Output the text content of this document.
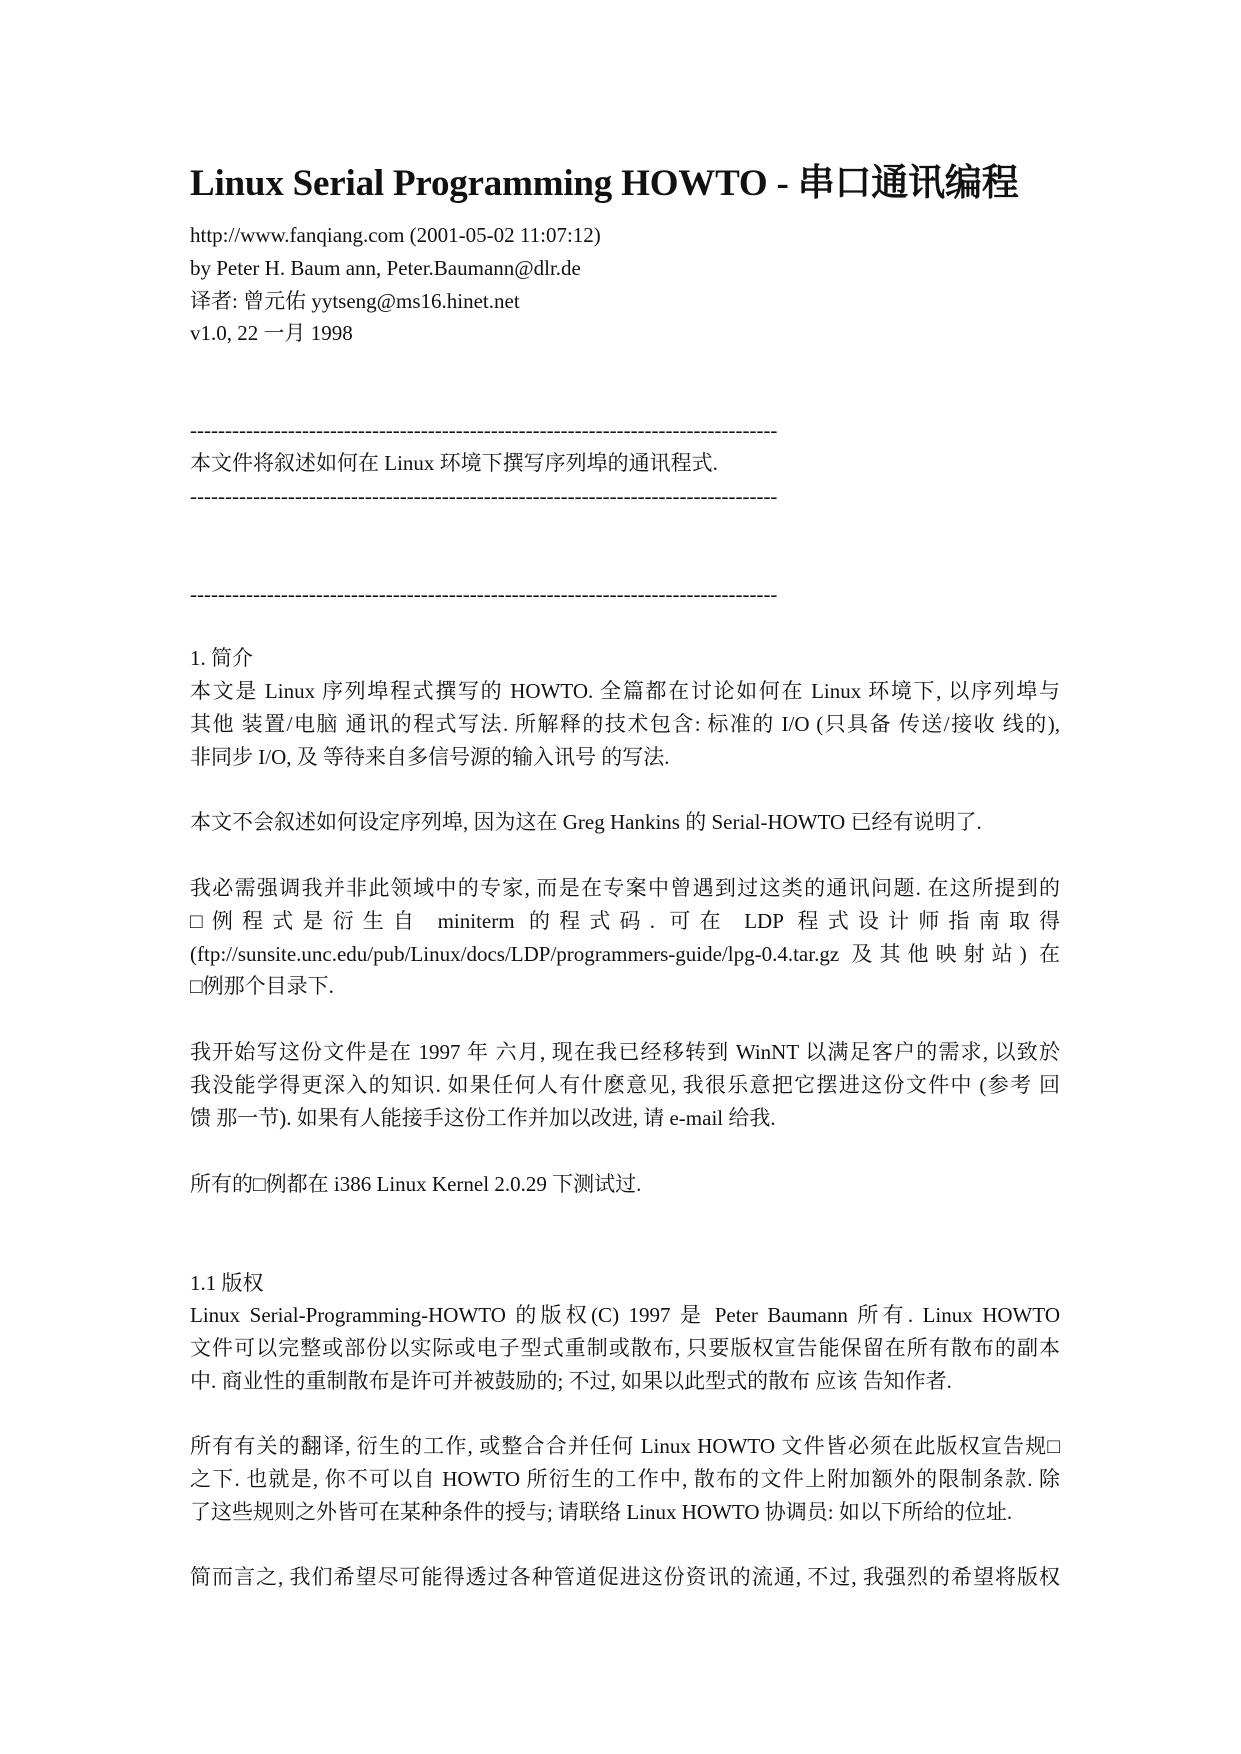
Linux Serial Programming HOWTO - 串口通讯编程
http://www.fanqiang.com (2001-05-02 11:07:12)
by Peter H. Baum ann, Peter.Baumann@dlr.de
译者: 曾元佑 yytseng@ms16.hinet.net
v1.0, 22 一月 1998
------------------------------------------------------------------------------------
本文件将叙述如何在 Linux 环境下撰写序列埠的通讯程式.
------------------------------------------------------------------------------------
------------------------------------------------------------------------------------
1. 简介
本文是 Linux 序列埠程式撰写的 HOWTO. 全篇都在讨论如何在 Linux 环境下, 以序列埠与
其他 装置/电脑 通讯的程式写法. 所解释的技术包含: 标准的 I/O (只具备 传送/接收 线的),
非同步 I/O, 及 等待来自多信号源的输入讯号 的写法.
本文不会叙述如何设定序列埠, 因为这在 Greg Hankins 的 Serial-HOWTO 已经有说明了.
我必需强调我并非此领域中的专家, 而是在专案中曾遇到过这类的通讯问题. 在这所提到的
□例程式是衍生自 miniterm 的程式码. 可在 LDP 程式设计师指南取得
(ftp://sunsite.unc.edu/pub/Linux/docs/LDP/programmers-guide/lpg-0.4.tar.gz 及其他映射站) 在
□例那个目录下.
我开始写这份文件是在 1997 年 六月, 现在我已经移转到 WinNT 以满足客户的需求, 以致於
我没能学得更深入的知识. 如果任何人有什麽意见, 我很乐意把它摆进这份文件中 (参考 回
馈 那一节). 如果有人能接手这份工作并加以改进, 请 e-mail 给我.
所有的□例都在 i386 Linux Kernel 2.0.29 下测试过.
1.1 版权
Linux Serial-Programming-HOWTO 的版权(C) 1997 是 Peter Baumann 所有. Linux HOWTO
文件可以完整或部份以实际或电子型式重制或散布, 只要版权宣告能保留在所有散布的副本
中. 商业性的重制散布是许可并被鼓励的; 不过, 如果以此型式的散布 应该 告知作者.
所有有关的翻译, 衍生的工作, 或整合合并任何 Linux HOWTO 文件皆必须在此版权宣告规□
之下. 也就是, 你不可以自 HOWTO 所衍生的工作中, 散布的文件上附加额外的限制条款. 除
了这些规则之外皆可在某种条件的授与; 请联络 Linux HOWTO 协调员: 如以下所给的位址.
简而言之, 我们希望尽可能得透过各种管道促进这份资讯的流通, 不过, 我强烈的希望将版权
